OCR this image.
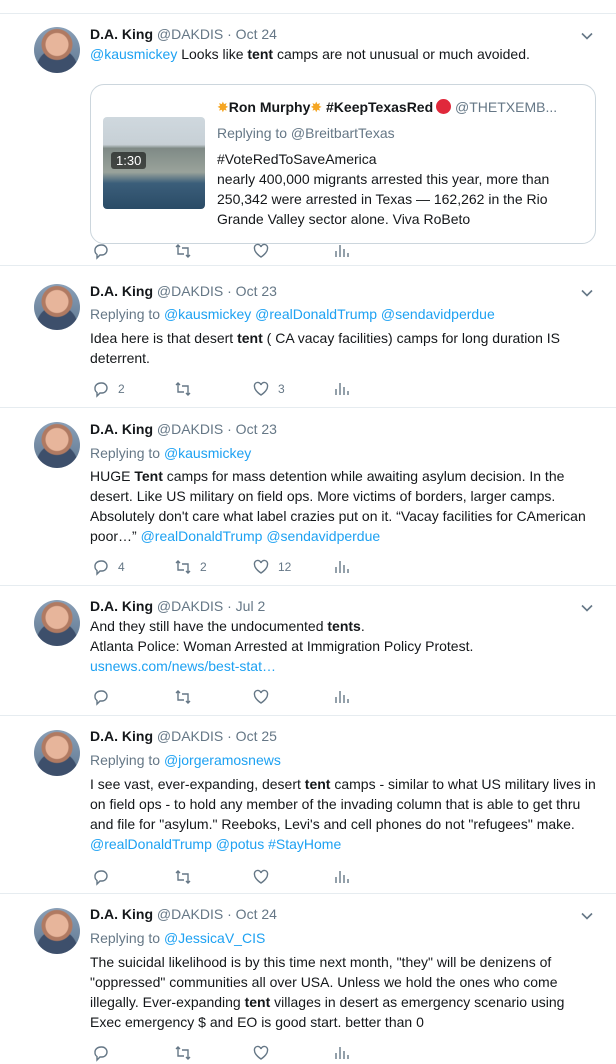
D.A. King @DAKDIS · Oct 24
@kausmickey Looks like tent camps are not unusual or much avoided.
1:30
✸Ron Murphy✸ #KeepTexasRed @THETXEMB...
Replying to @BreitbartTexas
#VoteRedToSaveAmerica
nearly 400,000 migrants arrested this year, more than 250,342 were arrested in Texas — 162,262 in the Rio Grande Valley sector alone. Viva RoBeto
D.A. King @DAKDIS · Oct 23
Replying to @kausmickey @realDonaldTrump @sendavidperdue
Idea here is that desert tent ( CA vacay facilities) camps for long duration IS deterrent.
2	3
D.A. King @DAKDIS · Oct 23
Replying to @kausmickey
HUGE Tent camps for mass detention while awaiting asylum decision. In the desert. Like US military on field ops. More victims of borders, larger camps. Absolutely don't care what label crazies put on it. “Vacay facilities for CAmerican poor…” @realDonaldTrump @sendavidperdue
4	2	12
D.A. King @DAKDIS · Jul 2
And they still have the undocumented tents.
Atlanta Police: Woman Arrested at Immigration Policy Protest.
usnews.com/news/best-stat…
D.A. King @DAKDIS · Oct 25
Replying to @jorgeramosnews
I see vast, ever-expanding, desert tent camps - similar to what US military lives in on field ops - to hold any member of the invading column that is able to get thru and file for "asylum." Reeboks, Levi's and cell phones do not "refugees" make. @realDonaldTrump @potus #StayHome
D.A. King @DAKDIS · Oct 24
Replying to @JessicaV_CIS
The suicidal likelihood is by this time next month, "they" will be denizens of "oppressed" communities all over USA. Unless we hold the ones who come illegally. Ever-expanding tent villages in desert as emergency scenario using Exec emergency $ and EO is good start. better than 0
